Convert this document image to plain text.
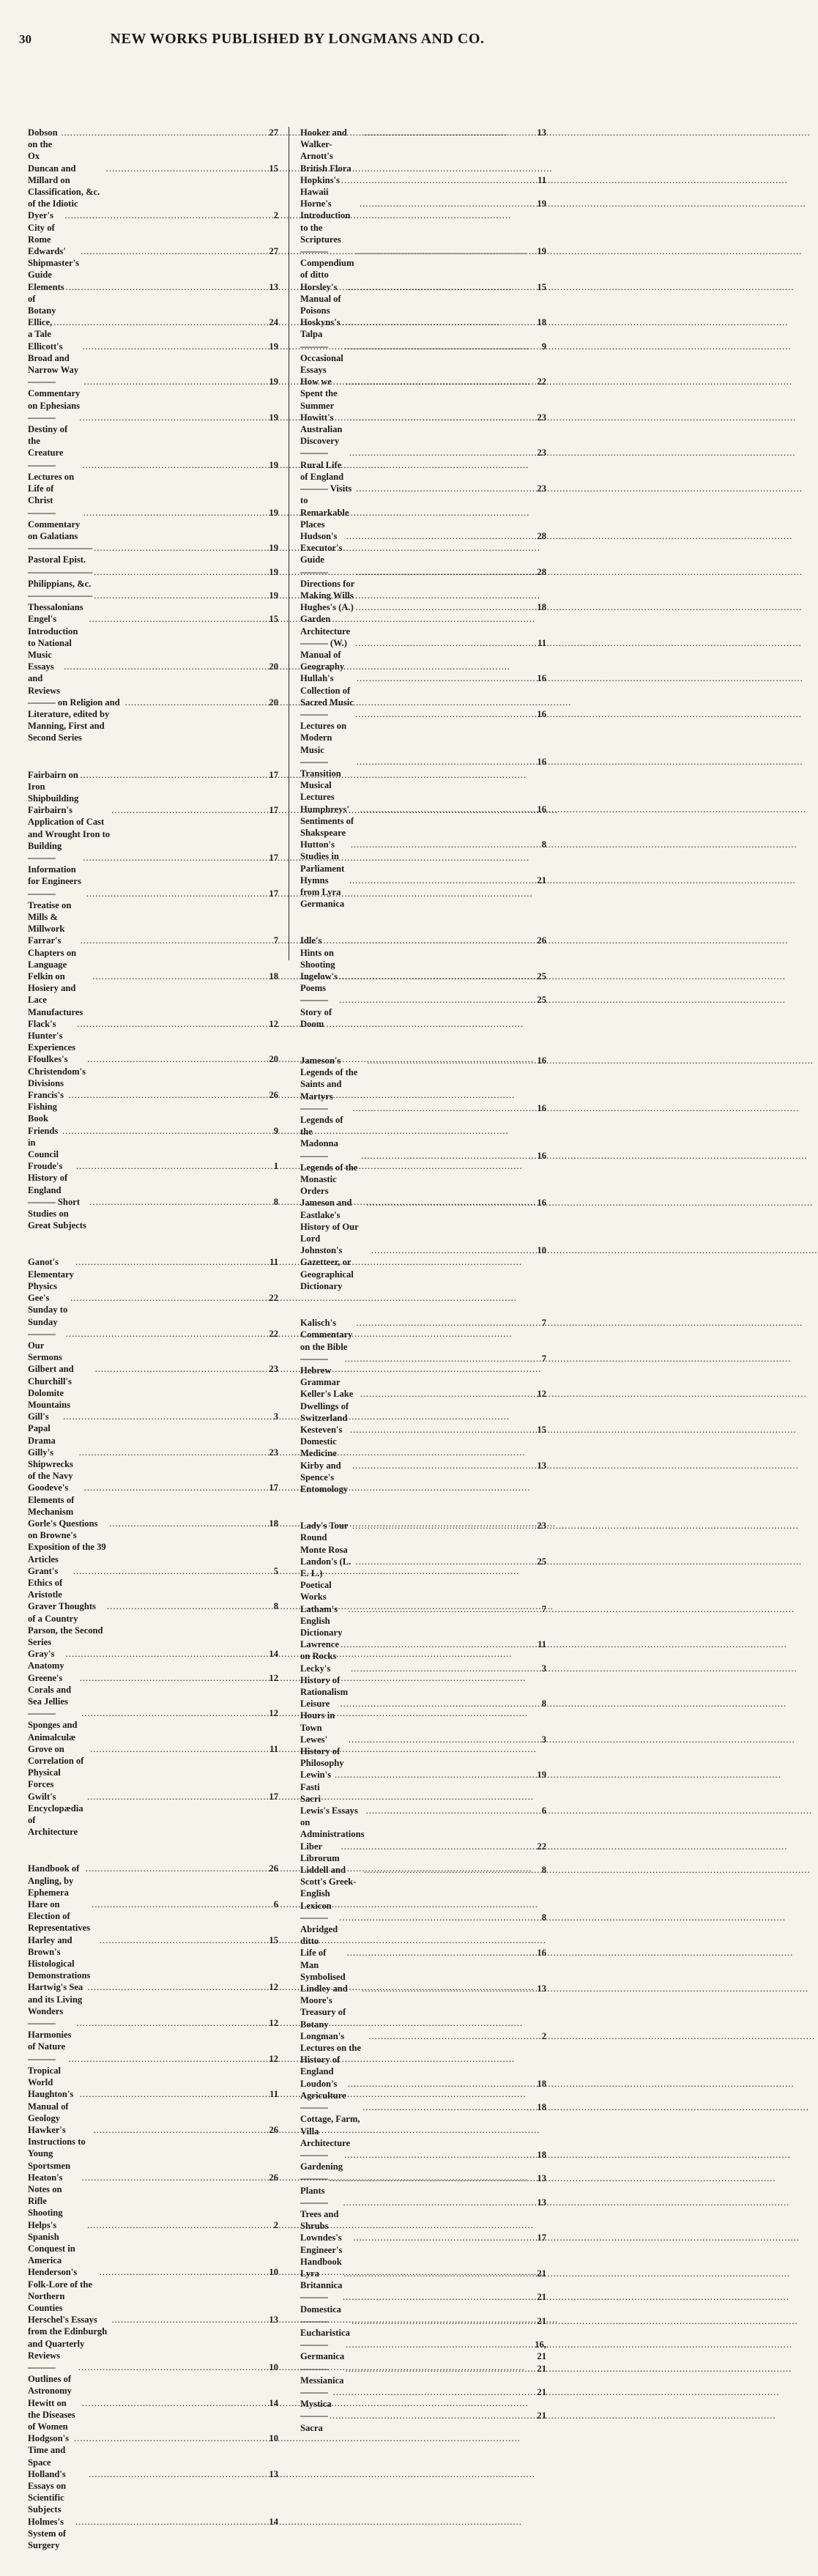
30	NEW WORKS PUBLISHED BY LONGMANS AND CO.
Dobson on the Ox
.....
27
Duncan and Millard on Classification, &c. of the Idiotic
.....
15
Dyer's City of Rome
.....
2
Edwards' Shipmaster's Guide
.....
27
Elements of Botany
.....
13
Ellice, a Tale
.....
24
Ellicott's Broad and Narrow Way
.....
19
——— Commentary on Ephesians
.....
19
——— Destiny of the Creature
.....
19
——— Lectures on Life of Christ
.....
19
——— Commentary on Galatians
.....
19
——————— Pastoral Epist.
.....
19
——————— Philippians, &c.
.....
19
——————— Thessalonians
.....
19
Engel's Introduction to National Music
.....
15
Essays and Reviews
.....
20
——— on Religion and Literature, edited by Manning, First and Second Series
.....
20
Fairbairn on Iron Shipbuilding
.....
17
Fairbairn's Application of Cast and Wrought Iron to Building
.....
17
——— Information for Engineers
.....
17
——— Treatise on Mills & Millwork
.....
17
Farrar's Chapters on Language
.....
7
Felkin on Hosiery and Lace Manufactures
.....
18
Flack's Hunter's Experiences
.....
12
Ffoulkes's Christendom's Divisions
.....
20
Francis's Fishing Book
.....
26
Friends in Council
.....
9
Froude's History of England
.....
1
——— Short Studies on Great Subjects
.....
8
Ganot's Elementary Physics
.....
11
Gee's Sunday to Sunday
.....
22
——— Our Sermons
.....
22
Gilbert and Churchill's Dolomite Mountains
.....
23
Gill's Papal Drama
.....
3
Gilly's Shipwrecks of the Navy
.....
23
Goodeve's Elements of Mechanism
.....
17
Gorle's Questions on Browne's Exposition of the 39 Articles
.....
18
Grant's Ethics of Aristotle
.....
5
Graver Thoughts of a Country Parson, the Second Series
.....
8
Gray's Anatomy
.....
14
Greene's Corals and Sea Jellies
.....
12
——— Sponges and Animalculæ
.....
12
Grove on Correlation of Physical Forces
.....
11
Gwilt's Encyclopædia of Architecture
.....
17
Handbook of Angling, by Ephemera
.....
26
Hare on Election of Representatives
.....
6
Harley and Brown's Histological Demonstrations
.....
15
Hartwig's Sea and its Living Wonders
.....
12
——— Harmonies of Nature
.....
12
——— Tropical World
.....
12
Haughton's Manual of Geology
.....
11
Hawker's Instructions to Young Sportsmen
.....
26
Heaton's Notes on Rifle Shooting
.....
26
Helps's Spanish Conquest in America
.....
2
Henderson's Folk-Lore of the Northern Counties
.....
10
Herschel's Essays from the Edinburgh and Quarterly Reviews
.....
13
——— Outlines of Astronomy
.....
10
Hewitt on the Diseases of Women
.....
14
Hodgson's Time and Space
.....
10
Holland's Essays on Scientific Subjects
.....
13
Holmes's System of Surgery
.....
14
Hooker and Walker-Arnott's British Flora
.....
13
Hopkins's Hawaii
.....
11
Horne's Introduction to the Scriptures
.....
19
——— Compendium of ditto
.....
19
Horsley's Manual of Poisons
.....
15
Hoskyns's Talpa
.....
18
——— Occasional Essays
.....
9
How we Spent the Summer
.....
22
Howitt's Australian Discovery
.....
23
——— Rural Life of England
.....
23
——— Visits to Remarkable Places
.....
23
Hudson's Executor's Guide
.....
28
——— Directions for Making Wills
.....
28
Hughes's (A.) Garden Architecture
.....
18
——— (W.) Manual of Geography
.....
11
Hullah's Collection of Sacred Music
.....
16
——— Lectures on Modern Music
.....
16
——— Transition Musical Lectures
.....
16
Humphreys' Sentiments of Shakspeare
.....
16
Hutton's Studies in Parliament
.....
8
Hymns from Lyra Germanica
.....
21
Idle's Hints on Shooting
.....
26
Ingelow's Poems
.....
25
——— Story of Doom
.....
25
Jameson's Legends of the Saints and Martyrs
.....
16
——— Legends of the Madonna
.....
16
——— Legends of the Monastic Orders
.....
16
Jameson and Eastlake's History of Our Lord
.....
16
Johnston's Gazetteer, or Geographical Dictionary
.....
10
Kalisch's Commentary on the Bible
.....
7
——— Hebrew Grammar
.....
7
Keller's Lake Dwellings of Switzerland
.....
12
Kesteven's Domestic Medicine
.....
15
Kirby and Spence's Entomology
.....
13
Lady's Tour Round Monte Rosa
.....
23
Landon's (L. E. L.) Poetical Works
.....
25
Latham's English Dictionary
.....
7
Lawrence on Rocks
.....
11
Lecky's History of Rationalism
.....
3
Leisure Hours in Town
.....
8
Lewes' History of Philosophy
.....
3
Lewin's Fasti Sacri
.....
19
Lewis's Essays on Administrations
.....
6
Liber Librorum
.....
22
Liddell and Scott's Greek-English Lexicon
.....
8
——— Abridged ditto
.....
8
Life of Man Symbolised
.....
16
Lindley and Moore's Treasury of Botany
.....
13
Longman's Lectures on the History of England
.....
2
Loudon's Agriculture
.....
18
——— Cottage, Farm, Villa Architecture
.....
18
——— Gardening
.....
18
——— Plants
.....
13
——— Trees and Shrubs
.....
13
Lowndes's Engineer's Handbook
.....
17
Lyra Britannica
.....
21
——— Domestica
.....
21
——— Eucharistica
.....
21
——— Germanica
.....
16, 21
——— Messianica
.....
21
——— Mystica
.....
21
——— Sacra
.....
21
